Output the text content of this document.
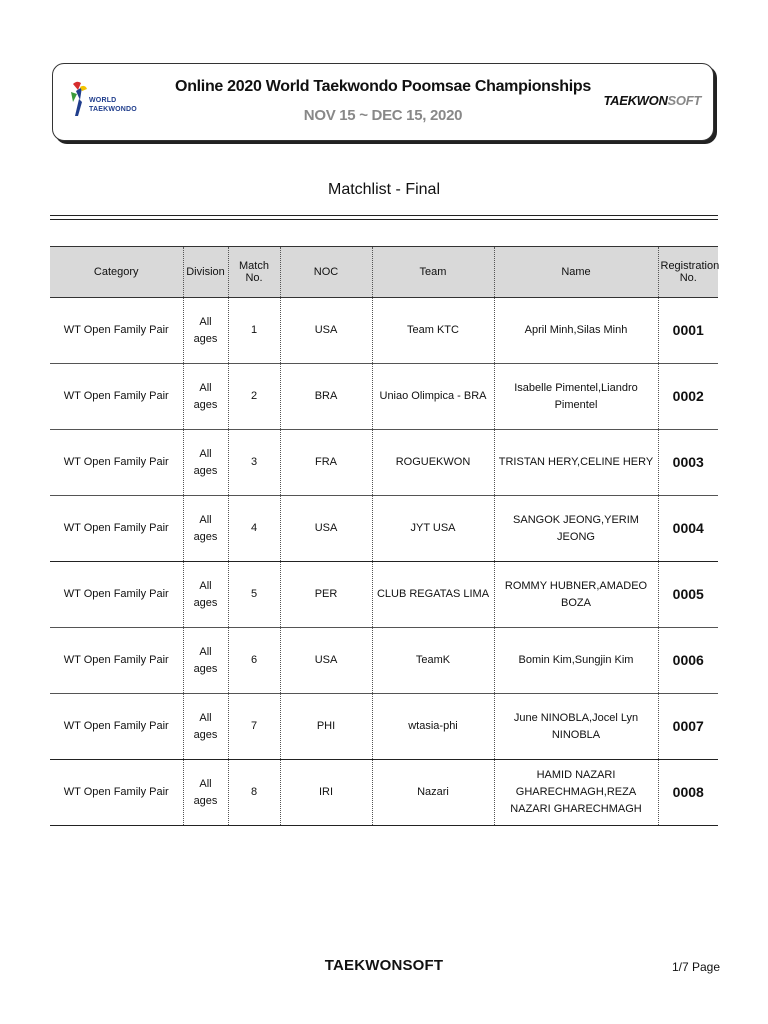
WORLD
TAEKWONDO
Online 2020 World Taekwondo Poomsae Championships
NOV 15 ~ DEC 15, 2020
TAEKWONSOFT
Matchlist - Final
Category	Division	Match No.	NOC	Team	Name	Registration No.
WT Open Family Pair	All ages	1	USA	Team KTC	April Minh,Silas Minh	0001
WT Open Family Pair	All ages	2	BRA	Uniao Olimpica - BRA	Isabelle Pimentel,Liandro Pimentel	0002
WT Open Family Pair	All ages	3	FRA	ROGUEKWON	TRISTAN HERY,CELINE HERY	0003
WT Open Family Pair	All ages	4	USA	JYT USA	SANGOK JEONG,YERIM JEONG	0004
WT Open Family Pair	All ages	5	PER	CLUB REGATAS LIMA	ROMMY HUBNER,AMADEO BOZA	0005
WT Open Family Pair	All ages	6	USA	TeamK	Bomin Kim,Sungjin Kim	0006
WT Open Family Pair	All ages	7	PHI	wtasia-phi	June NINOBLA,Jocel Lyn NINOBLA	0007
WT Open Family Pair	All ages	8	IRI	Nazari	HAMID NAZARI GHARECHMAGH,REZA NAZARI GHARECHMAGH	0008
TAEKWONSOFT	1/7 Page
